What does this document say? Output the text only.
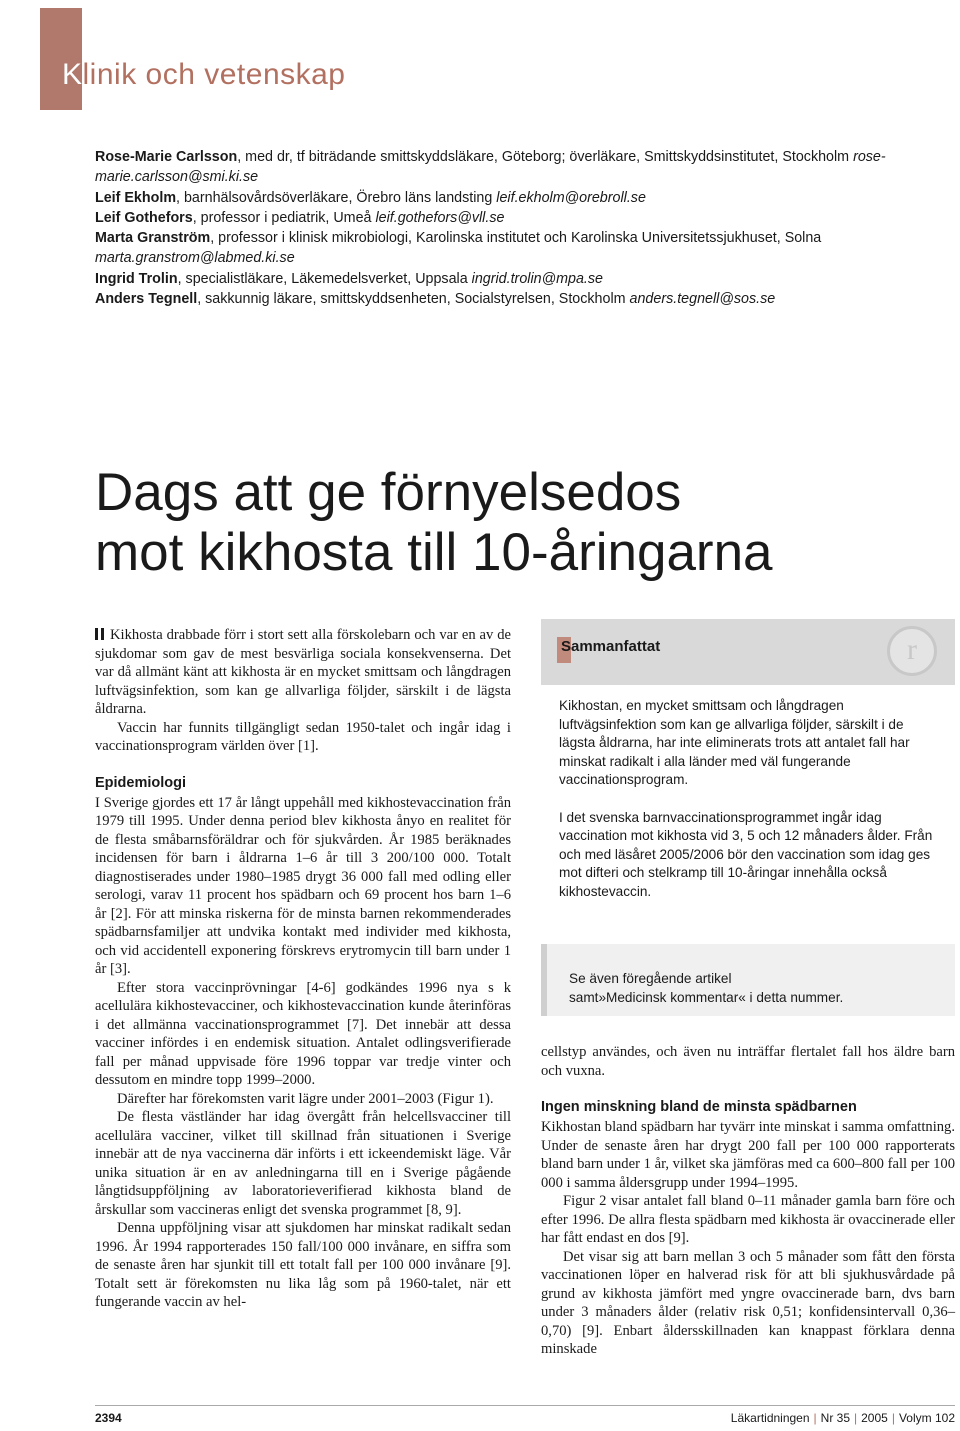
Klinik och vetenskap

Rose-Marie Carlsson, med dr, tf biträdande smittskyddsläkare, Göteborg; överläkare, Smittskyddsinstitutet, Stockholm rose-marie.carlsson@smi.ki.se

Leif Ekholm, barnhälsovårdsöverläkare, Örebro läns landsting leif.ekholm@orebroll.se

Leif Gothefors, professor i pediatrik, Umeå leif.gothefors@vll.se

Marta Granström, professor i klinisk mikrobiologi, Karolinska institutet och Karolinska Universitetssjukhuset, Solna marta.granstrom@labmed.ki.se

Ingrid Trolin, specialistläkare, Läkemedelsverket, Uppsala ingrid.trolin@mpa.se

Anders Tegnell, sakkunnig läkare, smittskyddsenheten, Socialstyrelsen, Stockholm anders.tegnell@sos.se

Dags att ge förnyelsedos
mot kikhosta till 10-åringarna

Kikhosta drabbade förr i stort sett alla förskolebarn och var en av de sjukdomar som gav de mest besvärliga sociala konsekvenserna. Det var då allmänt känt att kikhosta är en mycket smittsam och långdragen luftvägsinfektion, som kan ge allvarliga följder, särskilt i de lägsta åldrarna.

Vaccin har funnits tillgängligt sedan 1950-talet och ingår idag i vaccinationsprogram världen över [1].

Epidemiologi

I Sverige gjordes ett 17 år långt uppehåll med kikhostevaccination från 1979 till 1995. Under denna period blev kikhosta ånyo en realitet för de flesta småbarnsföräldrar och för sjukvården. År 1985 beräknades incidensen för barn i åldrarna 1–6 år till 3 200/100 000. Totalt diagnostiserades under 1980–1985 drygt 36 000 fall med odling eller serologi, varav 11 procent hos spädbarn och 69 procent hos barn 1–6 år [2]. För att minska riskerna för de minsta barnen rekommenderades spädbarnsfamiljer att undvika kontakt med individer med kikhosta, och vid accidentell exponering förskrevs erytromycin till barn under 1 år [3].

Efter stora vaccinprövningar [4-6] godkändes 1996 nya s k acellulära kikhostevacciner, och kikhostevaccination kunde återinföras i det allmänna vaccinationsprogrammet [7]. Det innebär att dessa vacciner infördes i en endemisk situation. Antalet odlingsverifierade fall per månad uppvisade före 1996 toppar var tredje vinter och dessutom en mindre topp 1999–2000.

Därefter har förekomsten varit lägre under 2001–2003 (Figur 1).

De flesta västländer har idag övergått från helcellsvacciner till acellulära vacciner, vilket till skillnad från situationen i Sverige innebär att de nya vaccinerna där införts i ett ickeendemiskt läge. Vår unika situation är en av anledningarna till en i Sverige pågående långtidsuppföljning av laboratorieverifierad kikhosta bland de årskullar som vaccineras enligt det svenska programmet [8, 9].

Denna uppföljning visar att sjukdomen har minskat radikalt sedan 1996. År 1994 rapporterades 150 fall/100 000 invånare, en siffra som de senaste åren har sjunkit till ett totalt fall per 100 000 invånare [9]. Totalt sett är förekomsten nu lika låg som på 1960-talet, när ett fungerande vaccin av hel-

Sammanfattat	r

Kikhostan, en mycket smittsam och långdragen luftvägsinfektion som kan ge allvarliga följder, särskilt i de lägsta åldrarna, har inte eliminerats trots att antalet fall har minskat radikalt i alla länder med väl fungerande vaccinationsprogram.

I det svenska barnvaccinationsprogrammet ingår idag vaccination mot kikhosta vid 3, 5 och 12 månaders ålder. Från och med läsåret 2005/2006 bör den vaccination som idag ges mot difteri och stelkramp till 10-åringar innehålla också kikhostevaccin.

Se även föregående artikel
samt»Medicinsk kommentar« i detta nummer.

cellstyp användes, och även nu inträffar flertalet fall hos äldre barn och vuxna.

Ingen minskning bland de minsta spädbarnen

Kikhostan bland spädbarn har tyvärr inte minskat i samma omfattning. Under de senaste åren har drygt 200 fall per 100 000 rapporterats bland barn under 1 år, vilket ska jämföras med ca 600–800 fall per 100 000 i samma åldersgrupp under 1994–1995.

Figur 2 visar antalet fall bland 0–11 månader gamla barn före och efter 1996. De allra flesta spädbarn med kikhosta är ovaccinerade eller har fått endast en dos [9].

Det visar sig att barn mellan 3 och 5 månader som fått den första vaccinationen löper en halverad risk för att bli sjukhusvårdade på grund av kikhosta jämfört med yngre ovaccinerade barn, dvs barn under 3 månaders ålder (relativ risk 0,51; konfidensintervall 0,36–0,70) [9]. Enbart åldersskillnaden kan knappast förklara denna minskade

2394	Läkartidningen | Nr 35 | 2005 | Volym 102
